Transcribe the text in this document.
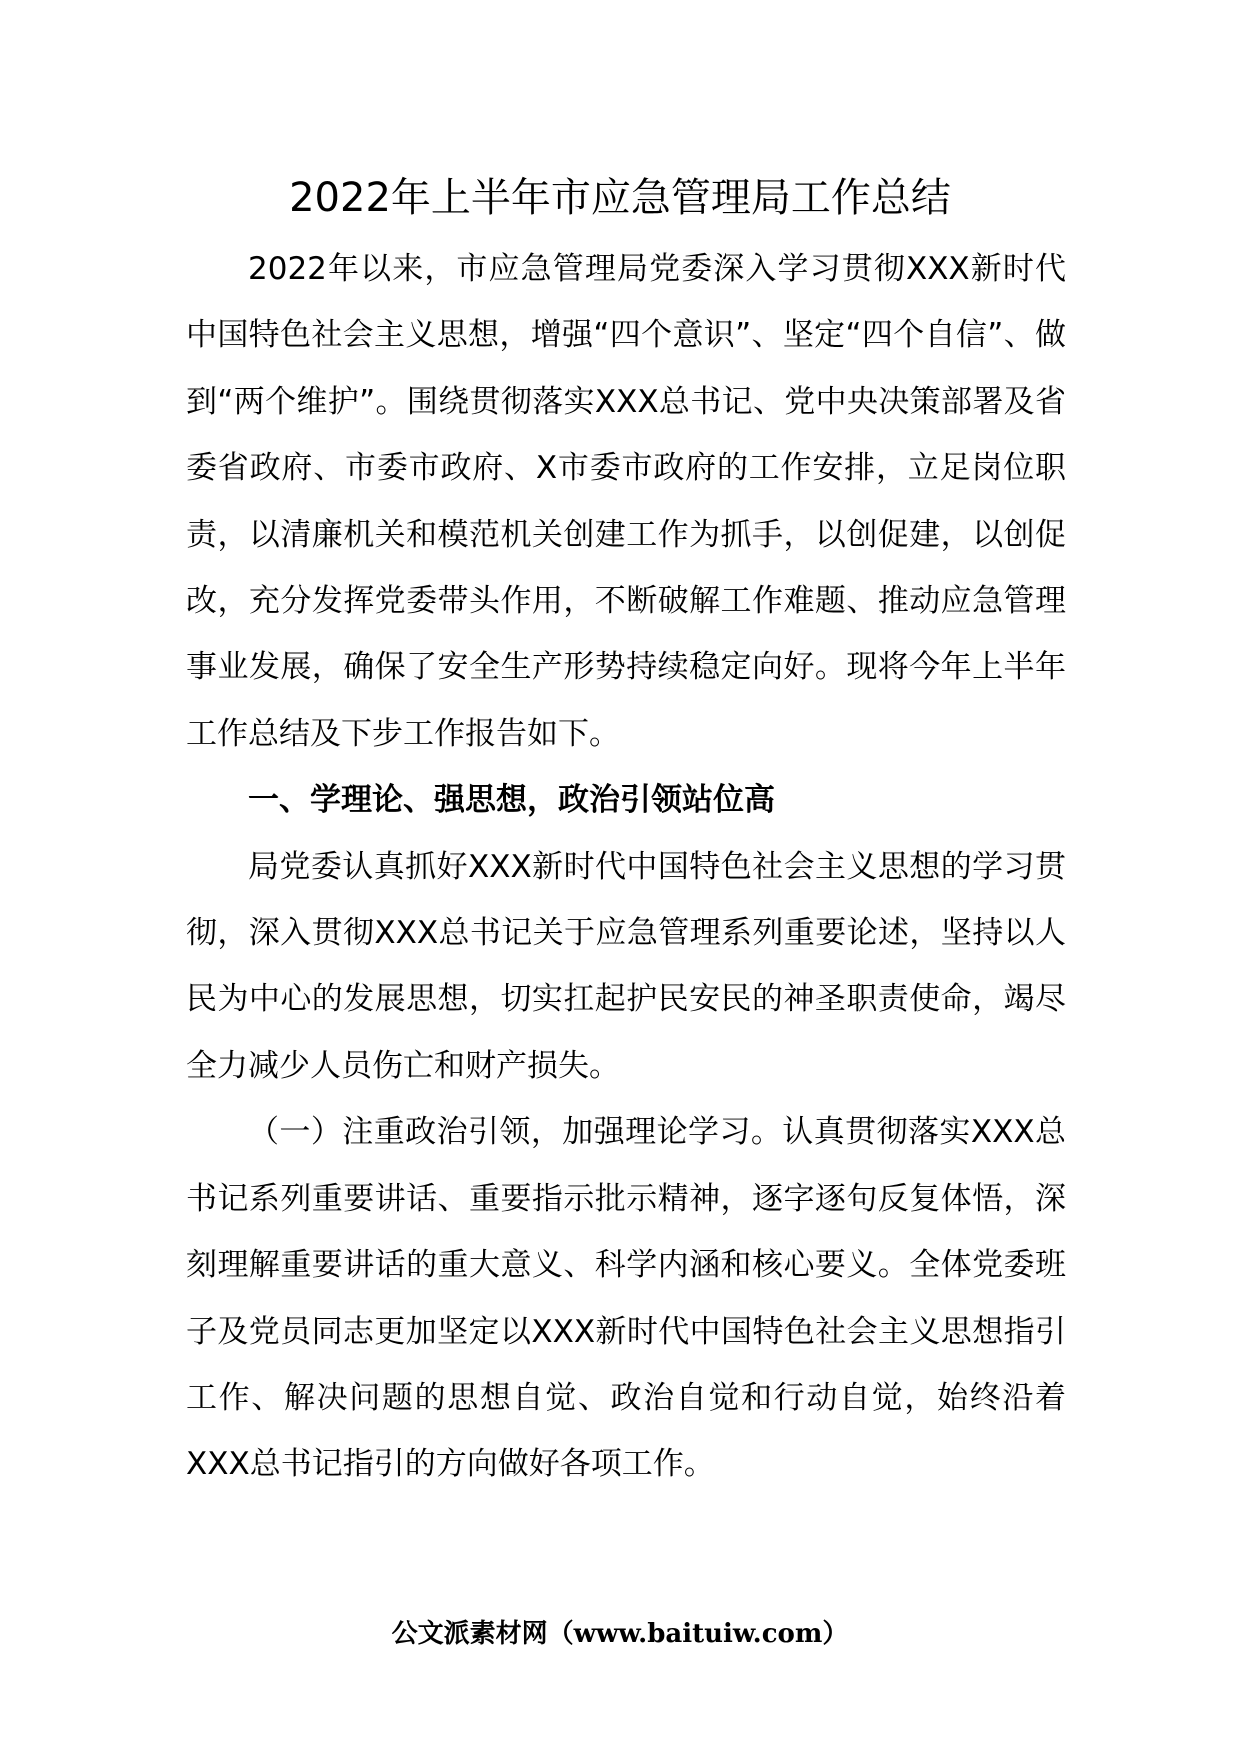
2022年上半年市应急管理局工作总结

2022年以来，市应急管理局党委深入学习贯彻XXX新时代中国特色社会主义思想，增强“四个意识”、坚定“四个自信”、做到“两个维护”。围绕贯彻落实XXX总书记、党中央决策部署及省委省政府、市委市政府、X市委市政府的工作安排，立足岗位职责，以清廉机关和模范机关创建工作为抓手，以创促建，以创促改，充分发挥党委带头作用，不断破解工作难题、推动应急管理事业发展，确保了安全生产形势持续稳定向好。现将今年上半年工作总结及下步工作报告如下。

一、学理论、强思想，政治引领站位高

局党委认真抓好XXX新时代中国特色社会主义思想的学习贯彻，深入贯彻XXX总书记关于应急管理系列重要论述，坚持以人民为中心的发展思想，切实扛起护民安民的神圣职责使命，竭尽全力减少人员伤亡和财产损失。

（一）注重政治引领，加强理论学习。认真贯彻落实XXX总书记系列重要讲话、重要指示批示精神，逐字逐句反复体悟，深刻理解重要讲话的重大意义、科学内涵和核心要义。全体党委班子及党员同志更加坚定以XXX新时代中国特色社会主义思想指引工作、解决问题的思想自觉、政治自觉和行动自觉，始终沿着XXX总书记指引的方向做好各项工作。

公文派素材网（www.baituiw.com）
